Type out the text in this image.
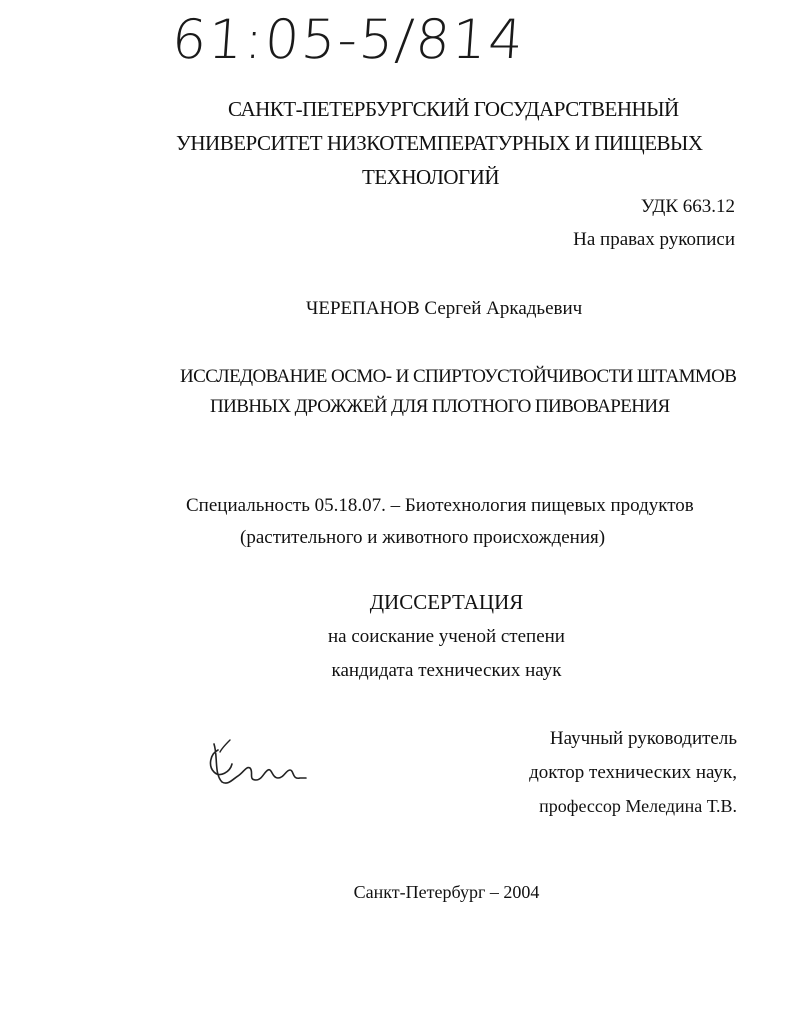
61:05-5/814
САНКТ-ПЕТЕРБУРГСКИЙ ГОСУДАРСТВЕННЫЙ
УНИВЕРСИТЕТ НИЗКОТЕМПЕРАТУРНЫХ И ПИЩЕВЫХ
ТЕХНОЛОГИЙ
УДК 663.12
На правах рукописи
ЧЕРЕПАНОВ Сергей Аркадьевич
ИССЛЕДОВАНИЕ ОСМО- И СПИРТОУСТОЙЧИВОСТИ ШТАММОВ
ПИВНЫХ ДРОЖЖЕЙ ДЛЯ ПЛОТНОГО ПИВОВАРЕНИЯ
Специальность 05.18.07. – Биотехнология пищевых продуктов
(растительного и животного происхождения)
ДИССЕРТАЦИЯ
на соискание ученой степени
кандидата технических наук
Научный руководитель
доктор технических наук,
профессор Меледина Т.В.
Санкт-Петербург – 2004
